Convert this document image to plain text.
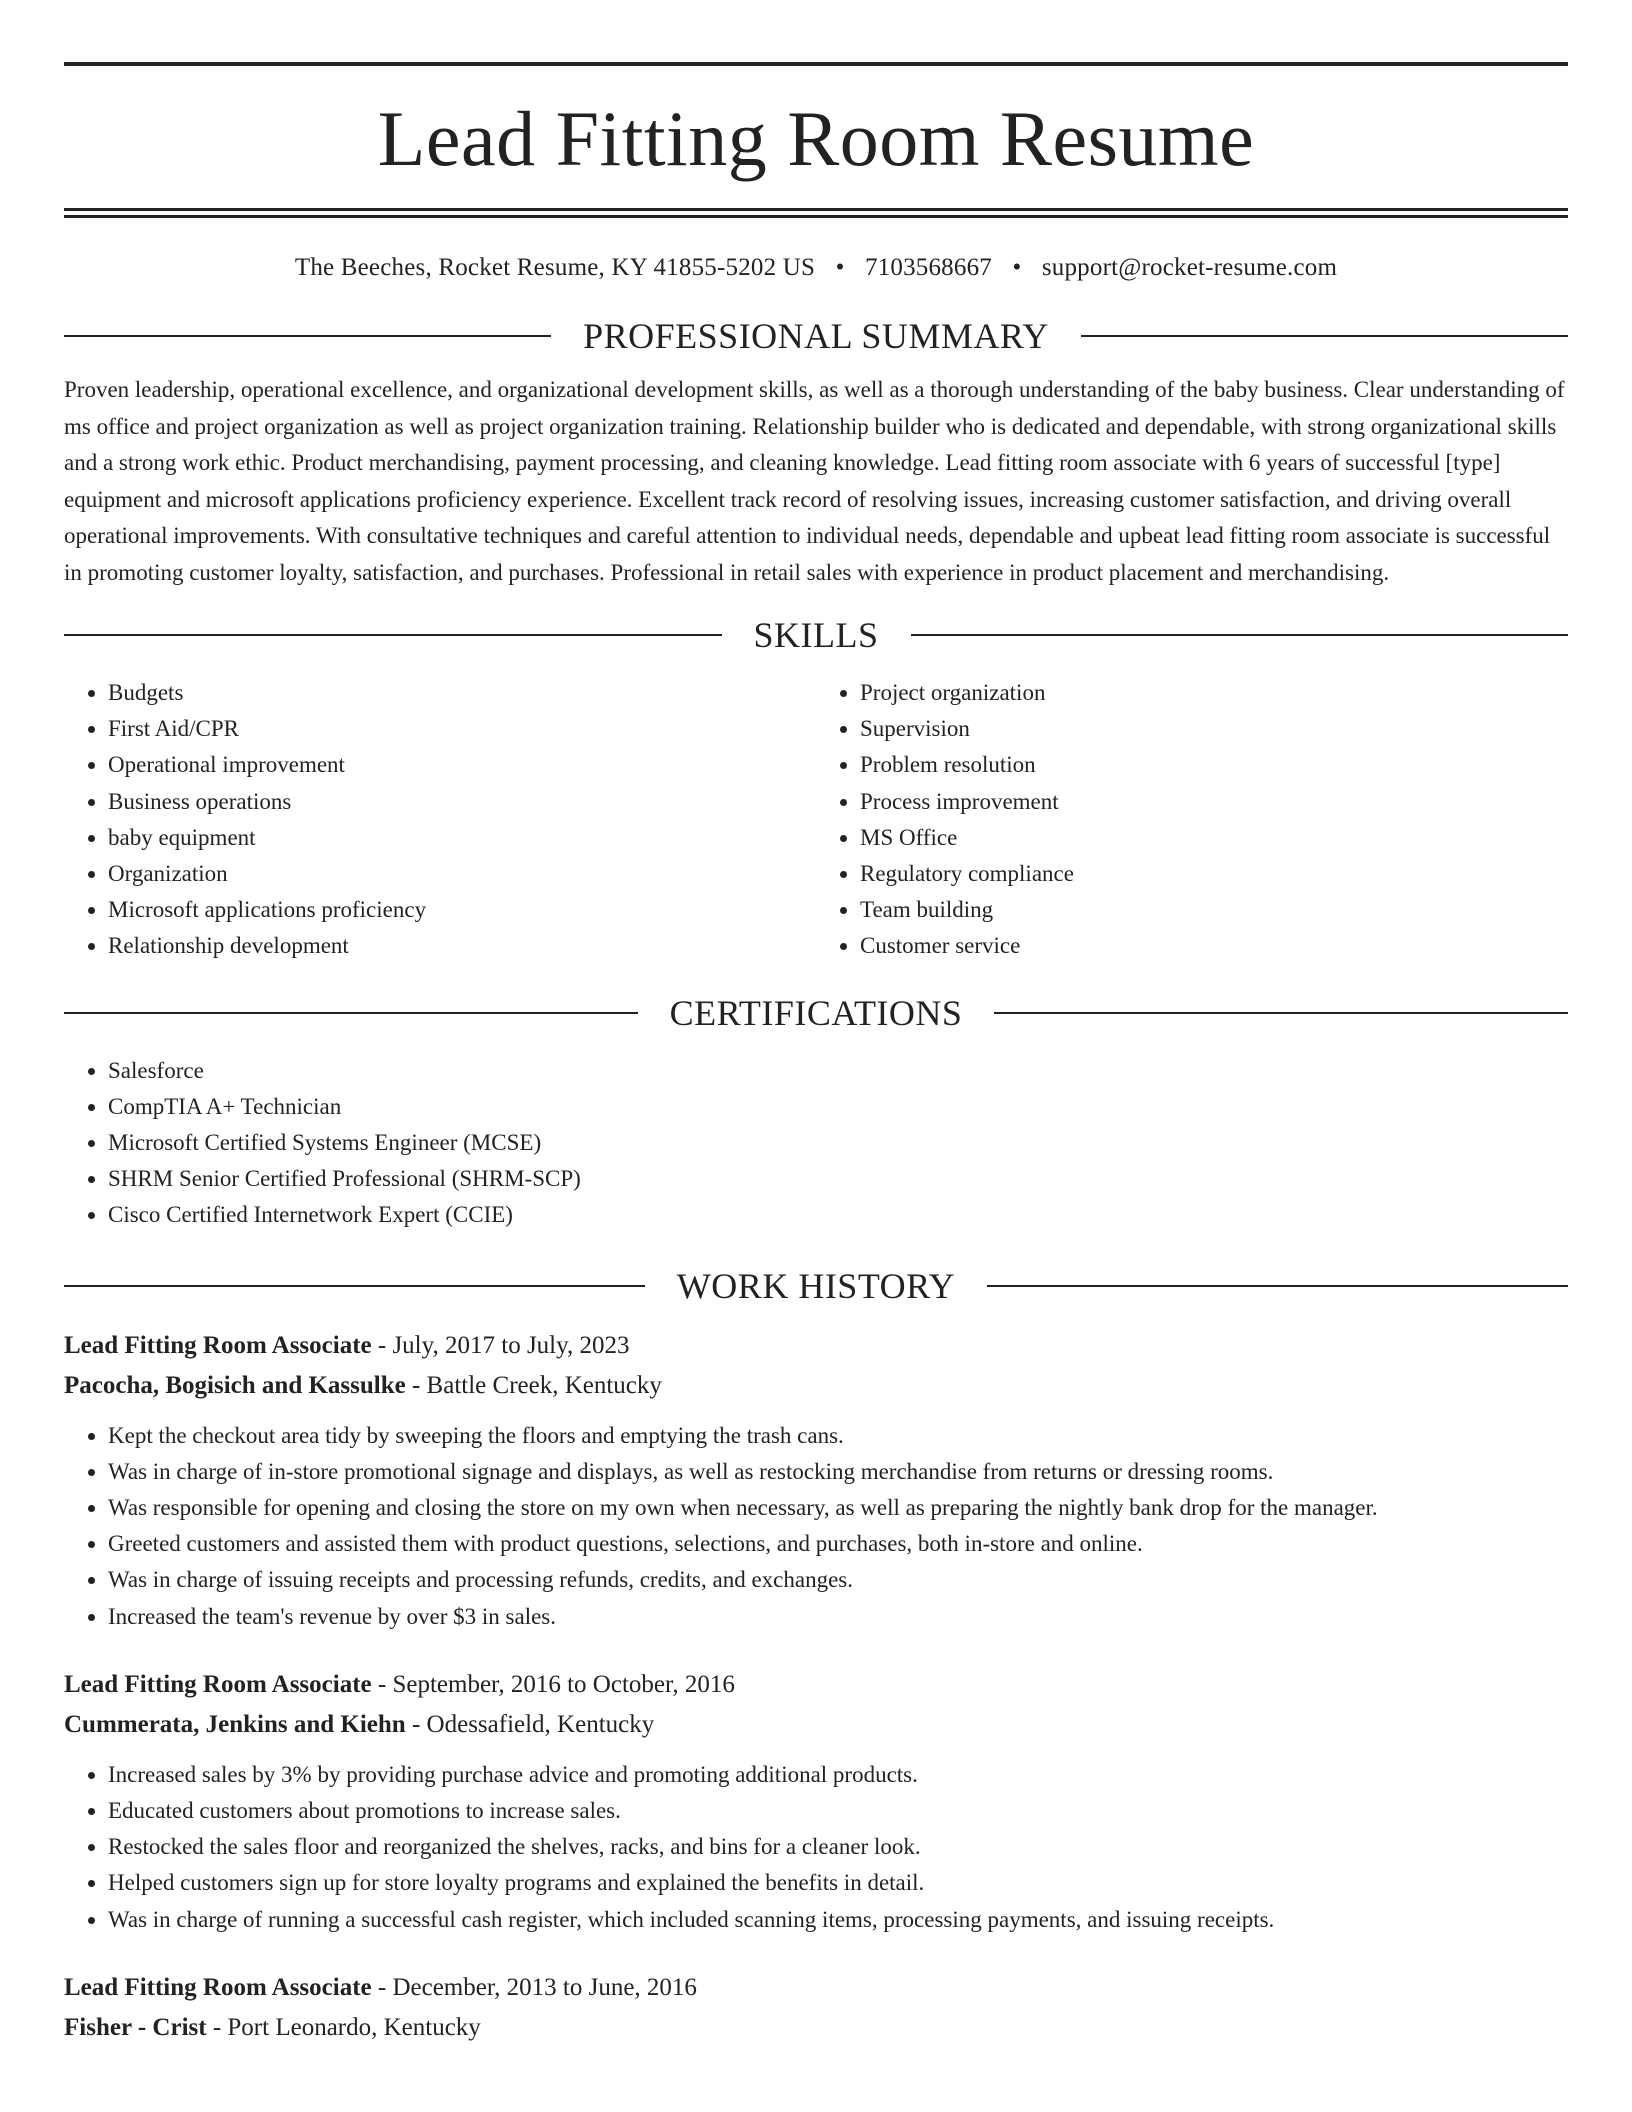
Lead Fitting Room Resume
The Beeches, Rocket Resume, KY 41855-5202 US • 7103568667 • support@rocket-resume.com
PROFESSIONAL SUMMARY
Proven leadership, operational excellence, and organizational development skills, as well as a thorough understanding of the baby business. Clear understanding of ms office and project organization as well as project organization training. Relationship builder who is dedicated and dependable, with strong organizational skills and a strong work ethic. Product merchandising, payment processing, and cleaning knowledge. Lead fitting room associate with 6 years of successful [type] equipment and microsoft applications proficiency experience. Excellent track record of resolving issues, increasing customer satisfaction, and driving overall operational improvements. With consultative techniques and careful attention to individual needs, dependable and upbeat lead fitting room associate is successful in promoting customer loyalty, satisfaction, and purchases. Professional in retail sales with experience in product placement and merchandising.
SKILLS
• Budgets
• First Aid/CPR
• Operational improvement
• Business operations
• baby equipment
• Organization
• Microsoft applications proficiency
• Relationship development
• Project organization
• Supervision
• Problem resolution
• Process improvement
• MS Office
• Regulatory compliance
• Team building
• Customer service
CERTIFICATIONS
• Salesforce
• CompTIA A+ Technician
• Microsoft Certified Systems Engineer (MCSE)
• SHRM Senior Certified Professional (SHRM-SCP)
• Cisco Certified Internetwork Expert (CCIE)
WORK HISTORY
Lead Fitting Room Associate - July, 2017 to July, 2023
Pacocha, Bogisich and Kassulke - Battle Creek, Kentucky
• Kept the checkout area tidy by sweeping the floors and emptying the trash cans.
• Was in charge of in-store promotional signage and displays, as well as restocking merchandise from returns or dressing rooms.
• Was responsible for opening and closing the store on my own when necessary, as well as preparing the nightly bank drop for the manager.
• Greeted customers and assisted them with product questions, selections, and purchases, both in-store and online.
• Was in charge of issuing receipts and processing refunds, credits, and exchanges.
• Increased the team's revenue by over $3 in sales.
Lead Fitting Room Associate - September, 2016 to October, 2016
Cummerata, Jenkins and Kiehn - Odessafield, Kentucky
• Increased sales by 3% by providing purchase advice and promoting additional products.
• Educated customers about promotions to increase sales.
• Restocked the sales floor and reorganized the shelves, racks, and bins for a cleaner look.
• Helped customers sign up for store loyalty programs and explained the benefits in detail.
• Was in charge of running a successful cash register, which included scanning items, processing payments, and issuing receipts.
Lead Fitting Room Associate - December, 2013 to June, 2016
Fisher - Crist - Port Leonardo, Kentucky
